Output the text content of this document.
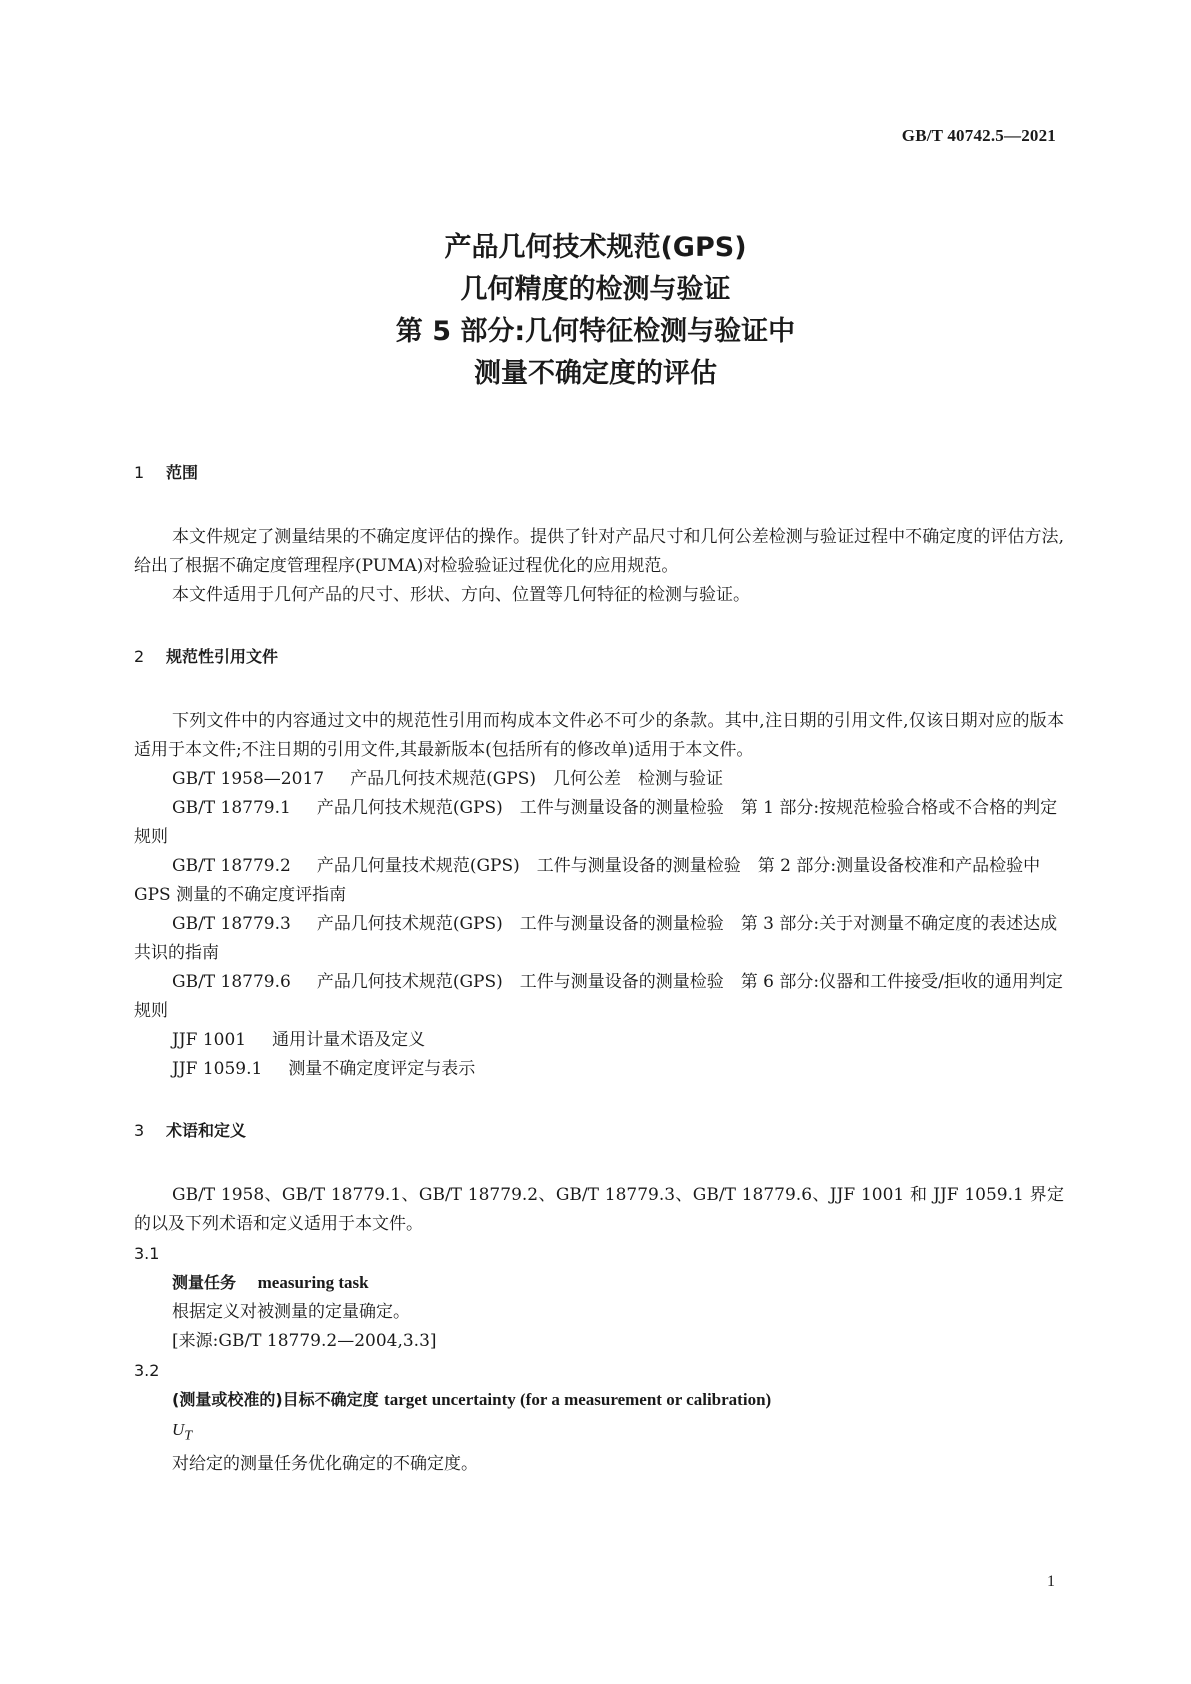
GB/T 40742.5—2021
产品几何技术规范(GPS)
几何精度的检测与验证
第 5 部分:几何特征检测与验证中
测量不确定度的评估
1 范围

本文件规定了测量结果的不确定度评估的操作。提供了针对产品尺寸和几何公差检测与验证过程中不确定度的评估方法,给出了根据不确定度管理程序(PUMA)对检验验证过程优化的应用规范。

本文件适用于几何产品的尺寸、形状、方向、位置等几何特征的检测与验证。

2 规范性引用文件

下列文件中的内容通过文中的规范性引用而构成本文件必不可少的条款。其中,注日期的引用文件,仅该日期对应的版本适用于本文件;不注日期的引用文件,其最新版本(包括所有的修改单)适用于本文件。

GB/T 1958—2017 产品几何技术规范(GPS)　几何公差　检测与验证

GB/T 18779.1 产品几何技术规范(GPS)　工件与测量设备的测量检验　第 1 部分:按规范检验合格或不合格的判定规则

GB/T 18779.2 产品几何量技术规范(GPS)　工件与测量设备的测量检验　第 2 部分:测量设备校准和产品检验中 GPS 测量的不确定度评指南

GB/T 18779.3 产品几何技术规范(GPS)　工件与测量设备的测量检验　第 3 部分:关于对测量不确定度的表述达成共识的指南

GB/T 18779.6 产品几何技术规范(GPS)　工件与测量设备的测量检验　第 6 部分:仪器和工件接受/拒收的通用判定规则

JJF 1001 通用计量术语及定义

JJF 1059.1 测量不确定度评定与表示

3 术语和定义

GB/T 1958、GB/T 18779.1、GB/T 18779.2、GB/T 18779.3、GB/T 18779.6、JJF 1001 和 JJF 1059.1 界定的以及下列术语和定义适用于本文件。

3.1
测量任务 measuring task
根据定义对被测量的定量确定。
[来源:GB/T 18779.2—2004,3.3]
3.2
(测量或校准的)目标不确定度 target uncertainty (for a measurement or calibration)
$U_T$
对给定的测量任务优化确定的不确定度。
1
